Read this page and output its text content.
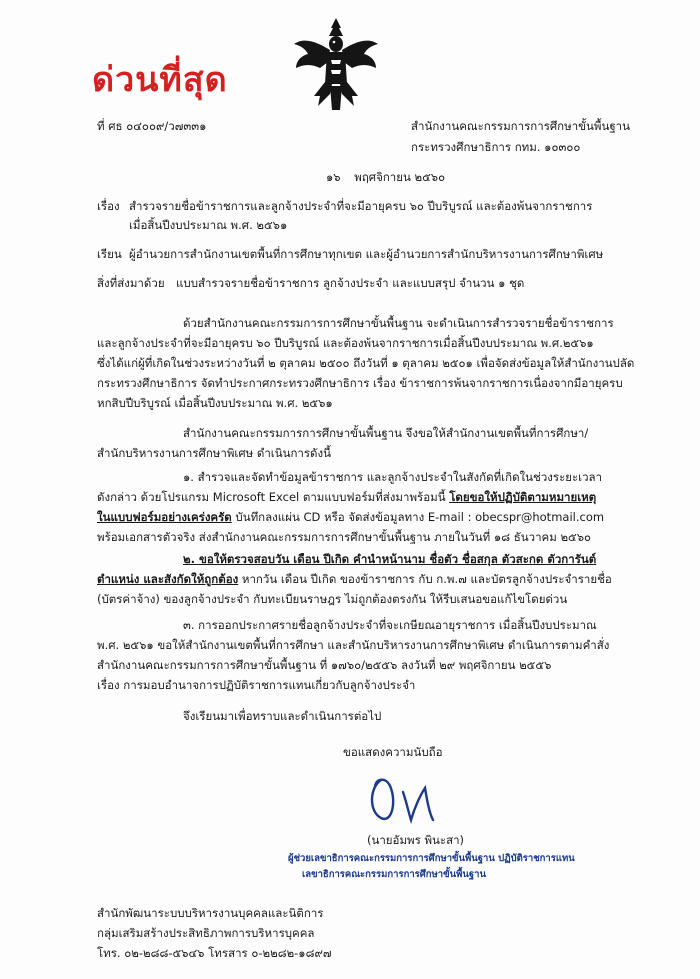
ด่วนที่สุด
ที่ ศธ ๐๔๐๐๙/ว๗๓๓๑	สำนักงานคณะกรรมการการศึกษาขั้นพื้นฐาน
กระทรวงศึกษาธิการ กทม. ๑๐๓๐๐
๑๖ พฤศจิกายน ๒๕๖๐
เรื่อง สำรวจรายชื่อข้าราชการและลูกจ้างประจำที่จะมีอายุครบ ๖๐ ปีบริบูรณ์ และต้องพ้นจากราชการ
เมื่อสิ้นปีงบประมาณ พ.ศ. ๒๕๖๑
เรียน ผู้อำนวยการสำนักงานเขตพื้นที่การศึกษาทุกเขต และผู้อำนวยการสำนักบริหารงานการศึกษาพิเศษ
สิ่งที่ส่งมาด้วย แบบสำรวจรายชื่อข้าราชการ ลูกจ้างประจำ และแบบสรุป จำนวน ๑ ชุด
ด้วยสำนักงานคณะกรรมการการศึกษาขั้นพื้นฐาน จะดำเนินการสำรวจรายชื่อข้าราชการ
และลูกจ้างประจำที่จะมีอายุครบ ๖๐ ปีบริบูรณ์ และต้องพ้นจากราชการเมื่อสิ้นปีงบประมาณ พ.ศ.๒๕๖๑
ซึ่งได้แก่ผู้ที่เกิดในช่วงระหว่างวันที่ ๒ ตุลาคม ๒๕๐๐ ถึงวันที่ ๑ ตุลาคม ๒๕๐๑ เพื่อจัดส่งข้อมูลให้สำนักงานปลัด
กระทรวงศึกษาธิการ จัดทำประกาศกระทรวงศึกษาธิการ เรื่อง ข้าราชการพ้นจากราชการเนื่องจากมีอายุครบ
หกสิบปีบริบูรณ์ เมื่อสิ้นปีงบประมาณ พ.ศ. ๒๕๖๑
สำนักงานคณะกรรมการการศึกษาขั้นพื้นฐาน จึงขอให้สำนักงานเขตพื้นที่การศึกษา/
สำนักบริหารงานการศึกษาพิเศษ ดำเนินการดังนี้
๑. สำรวจและจัดทำข้อมูลข้าราชการ และลูกจ้างประจำในสังกัดที่เกิดในช่วงระยะเวลา
ดังกล่าว ด้วยโปรแกรม Microsoft Excel ตามแบบฟอร์มที่ส่งมาพร้อมนี้ โดยขอให้ปฏิบัติตามหมายเหตุ
ในแบบฟอร์มอย่างเคร่งครัด บันทึกลงแผ่น CD หรือ จัดส่งข้อมูลทาง E-mail : obecspr@hotmail.com
พร้อมเอกสารตัวจริง ส่งสำนักงานคณะกรรมการการศึกษาขั้นพื้นฐาน ภายในวันที่ ๑๘ ธันวาคม ๒๕๖๐
๒. ขอให้ตรวจสอบวัน เดือน ปีเกิด คำนำหน้านาม ชื่อตัว ชื่อสกุล ตัวสะกด ตัวการันต์
ตำแหน่ง และสังกัดให้ถูกต้อง หากวัน เดือน ปีเกิด ของข้าราชการ กับ ก.พ.๗ และบัตรลูกจ้างประจำรายชื่อ
(บัตรค่าจ้าง) ของลูกจ้างประจำ กับทะเบียนราษฎร ไม่ถูกต้องตรงกัน ให้รีบเสนอขอแก้ไขโดยด่วน
๓. การออกประกาศรายชื่อลูกจ้างประจำที่จะเกษียณอายุราชการ เมื่อสิ้นปีงบประมาณ
พ.ศ. ๒๕๖๑ ขอให้สำนักงานเขตพื้นที่การศึกษา และสำนักบริหารงานการศึกษาพิเศษ ดำเนินการตามคำสั่ง
สำนักงานคณะกรรมการการศึกษาขั้นพื้นฐาน ที่ ๑๗๖๐/๒๕๕๖ ลงวันที่ ๒๙ พฤศจิกายน ๒๕๕๖
เรื่อง การมอบอำนาจการปฏิบัติราชการแทนเกี่ยวกับลูกจ้างประจำ
จึงเรียนมาเพื่อทราบและดำเนินการต่อไป
ขอแสดงความนับถือ
(นายอัมพร พินะสา)
ผู้ช่วยเลขาธิการคณะกรรมการการศึกษาขั้นพื้นฐาน ปฏิบัติราชการแทน
เลขาธิการคณะกรรมการการศึกษาขั้นพื้นฐาน
สำนักพัฒนาระบบบริหารงานบุคคลและนิติการ
กลุ่มเสริมสร้างประสิทธิภาพการบริหารบุคคล
โทร. ๐๒-๒๘๘-๕๖๔๖ โทรสาร ๐-๒๒๘๒-๑๘๙๗
